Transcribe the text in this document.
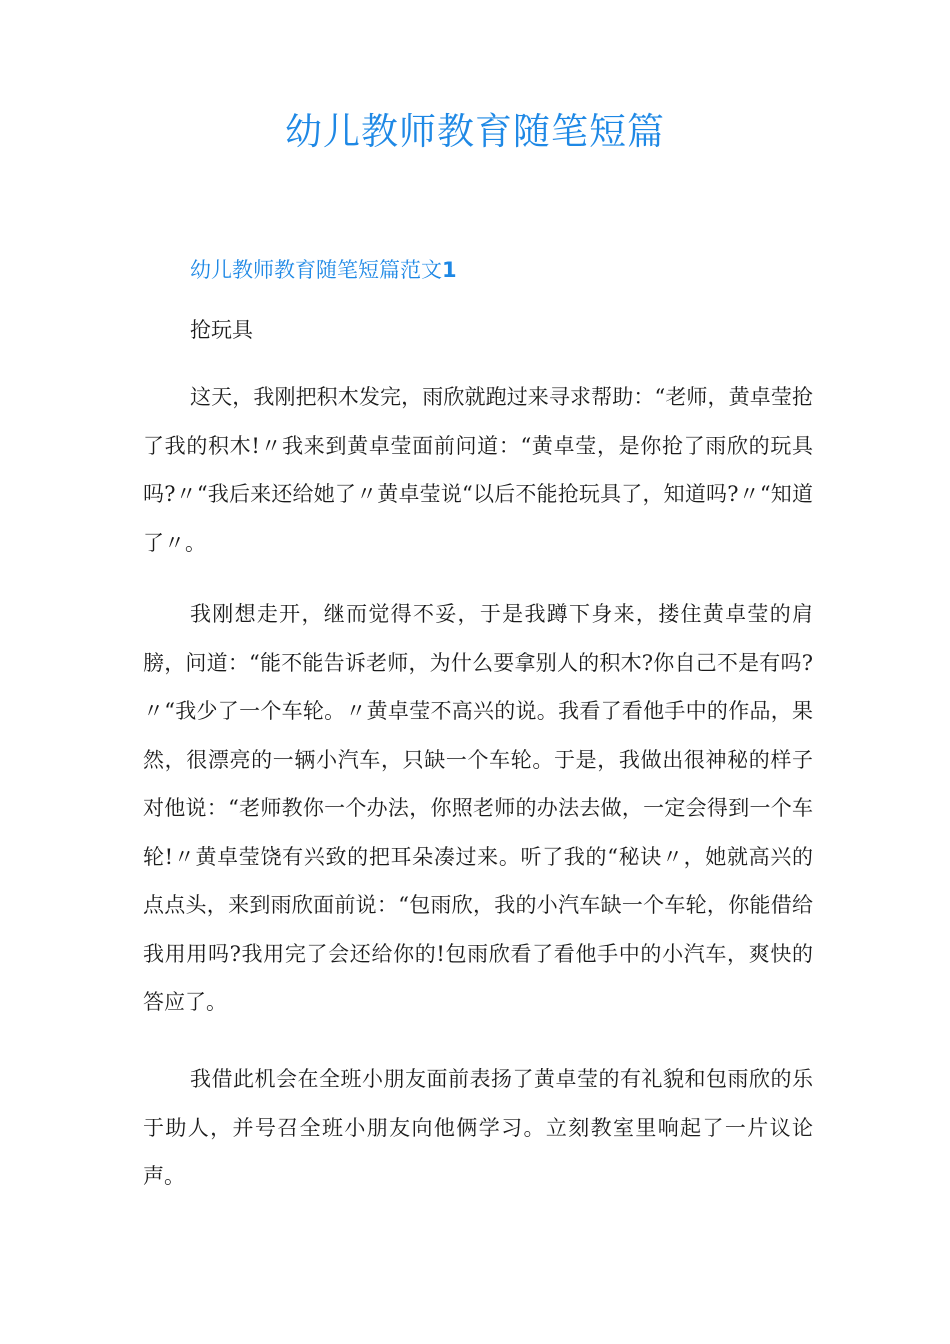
幼儿教师教育随笔短篇
幼儿教师教育随笔短篇范文1

抢玩具

这天，我刚把积木发完，雨欣就跑过来寻求帮助：“老师，黄卓莹抢了我的积木!〃我来到黄卓莹面前问道：“黄卓莹，是你抢了雨欣的玩具吗?〃“我后来还给她了〃黄卓莹说“以后不能抢玩具了，知道吗?〃“知道了〃。

我刚想走开，继而觉得不妥，于是我蹲下身来，搂住黄卓莹的肩膀，问道：“能不能告诉老师，为什么要拿别人的积木?你自己不是有吗?〃“我少了一个车轮。〃黄卓莹不高兴的说。我看了看他手中的作品，果然，很漂亮的一辆小汽车，只缺一个车轮。于是，我做出很神秘的样子对他说：“老师教你一个办法，你照老师的办法去做，一定会得到一个车轮!〃黄卓莹饶有兴致的把耳朵凑过来。听了我的“秘诀〃，她就高兴的点点头，来到雨欣面前说：“包雨欣，我的小汽车缺一个车轮，你能借给我用用吗?我用完了会还给你的!包雨欣看了看他手中的小汽车，爽快的答应了。

我借此机会在全班小朋友面前表扬了黄卓莹的有礼貌和包雨欣的乐于助人，并号召全班小朋友向他俩学习。立刻教室里响起了一片议论声。
